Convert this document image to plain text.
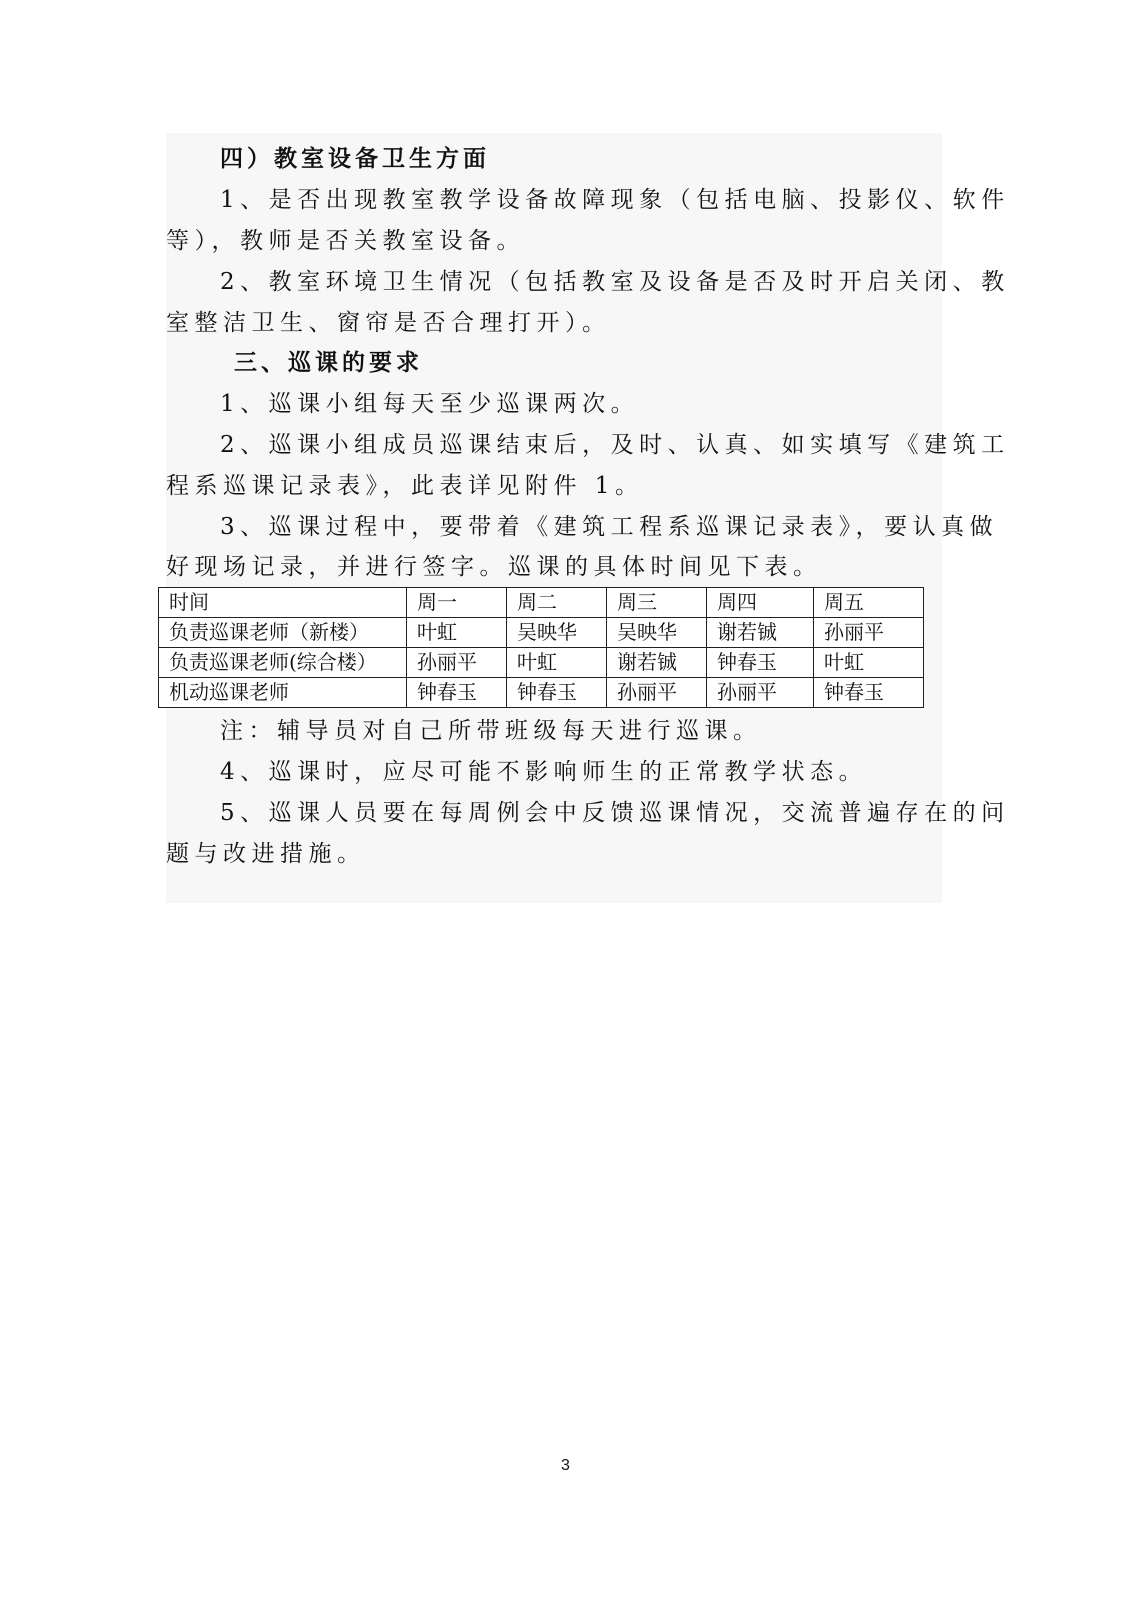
四）教室设备卫生方面
1、是否出现教室教学设备故障现象（包括电脑、投影仪、软件
等），教师是否关教室设备。
2、教室环境卫生情况（包括教室及设备是否及时开启关闭、教
室整洁卫生、窗帘是否合理打开）。
三、巡课的要求
1、巡课小组每天至少巡课两次。
2、巡课小组成员巡课结束后，及时、认真、如实填写《建筑工
程系巡课记录表》，此表详见附件 1。
3、巡课过程中，要带着《建筑工程系巡课记录表》，要认真做
好现场记录，并进行签字。巡课的具体时间见下表。
时间	周一	周二	周三	周四	周五
负责巡课老师（新楼）	叶虹	吴映华	吴映华	谢若铖	孙丽平
负责巡课老师(综合楼）	孙丽平	叶虹	谢若铖	钟春玉	叶虹
机动巡课老师	钟春玉	钟春玉	孙丽平	孙丽平	钟春玉
注：辅导员对自己所带班级每天进行巡课。
4、巡课时，应尽可能不影响师生的正常教学状态。
5、巡课人员要在每周例会中反馈巡课情况，交流普遍存在的问
题与改进措施。
3
